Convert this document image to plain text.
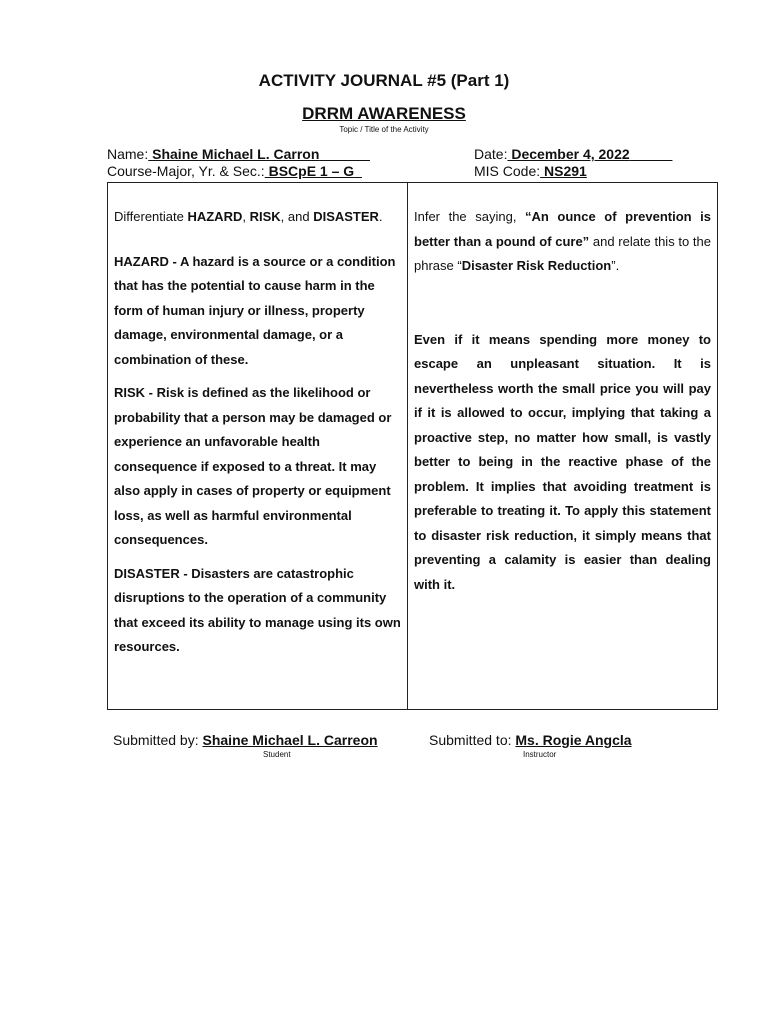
ACTIVITY JOURNAL #5 (Part 1)
DRRM AWARENESS
Topic / Title of the Activity
Name: Shaine Michael L. Carron	Date: December 4, 2022
Course-Major, Yr. & Sec.: BSCpE 1 – G	MIS Code: NS291

Differentiate HAZARD, RISK, and DISASTER.

HAZARD - A hazard is a source or a condition that has the potential to cause harm in the form of human injury or illness, property damage, environmental damage, or a combination of these.

RISK - Risk is defined as the likelihood or probability that a person may be damaged or experience an unfavorable health consequence if exposed to a threat. It may also apply in cases of property or equipment loss, as well as harmful environmental consequences.

DISASTER - Disasters are catastrophic disruptions to the operation of a community that exceed its ability to manage using its own resources.

Infer the saying, “An ounce of prevention is better than a pound of cure” and relate this to the phrase “Disaster Risk Reduction”.

Even if it means spending more money to escape an unpleasant situation. It is nevertheless worth the small price you will pay if it is allowed to occur, implying that taking a proactive step, no matter how small, is vastly better to being in the reactive phase of the problem. It implies that avoiding treatment is preferable to treating it. To apply this statement to disaster risk reduction, it simply means that preventing a calamity is easier than dealing with it.

Submitted by: Shaine Michael L. Carreon
Student
Submitted to: Ms. Rogie Angcla
Instructor
